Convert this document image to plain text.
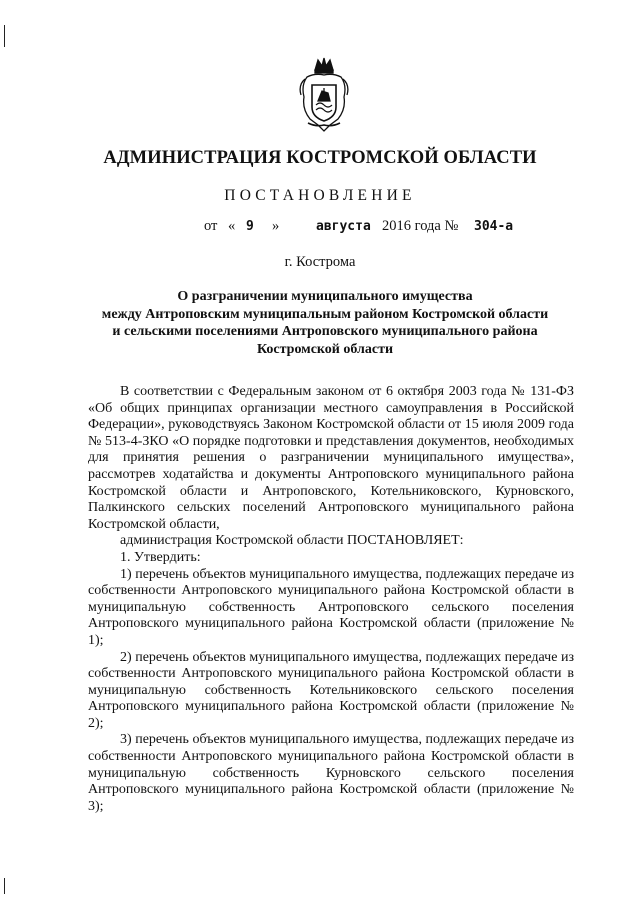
АДМИНИСТРАЦИЯ КОСТРОМСКОЙ ОБЛАСТИ
ПОСТАНОВЛЕНИЕ
от « 9 »	августа 2016 года № 304-а
г. Кострома
О разграничении муниципального имущества
между Антроповским муниципальным районом Костромской области
и сельскими поселениями Антроповского муниципального района
Костромской области

В соответствии с Федеральным законом от 6 октября 2003 года № 131-ФЗ «Об общих принципах организации местного самоуправления в Российской Федерации», руководствуясь Законом Костромской области от 15 июля 2009 года № 513-4-ЗКО «О порядке подготовки и представления документов, необходимых для принятия решения о разграничении муниципального имущества», рассмотрев ходатайства и документы Антроповского муниципального района Костромской области и Антроповского, Котельниковского, Курновского, Палкинского сельских поселений Антроповского муниципального района Костромской области,

администрация Костромской области ПОСТАНОВЛЯЕТ:

1. Утвердить:

1) перечень объектов муниципального имущества, подлежащих передаче из собственности Антроповского муниципального района Костромской области в муниципальную собственность Антроповского сельского поселения Антроповского муниципального района Костромской области (приложение № 1);

2) перечень объектов муниципального имущества, подлежащих передаче из собственности Антроповского муниципального района Костромской области в муниципальную собственность Котельниковского сельского поселения Антроповского муниципального района Костромской области (приложение № 2);

3) перечень объектов муниципального имущества, подлежащих передаче из собственности Антроповского муниципального района Костромской области в муниципальную собственность Курновского сельского поселения Антроповского муниципального района Костромской области (приложение № 3);
